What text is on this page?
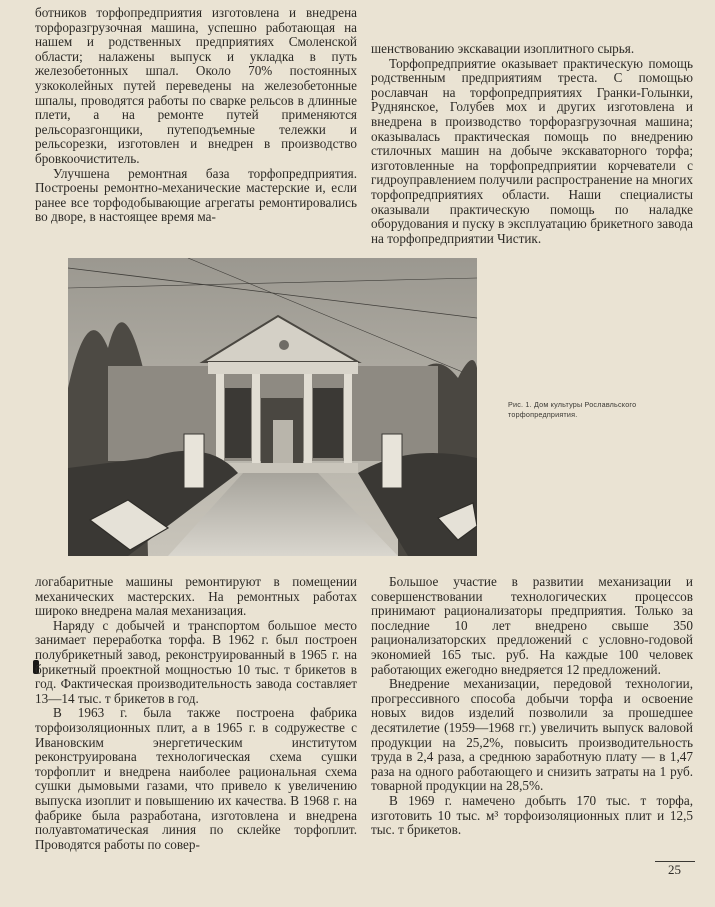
ботников торфопредприятия изготовлена и внедрена торфоразгрузочная машина, успешно работающая на нашем и родственных предприятиях Смоленской области; налажены выпуск и укладка в путь железобетонных шпал. Около 70% постоянных узкоколейных путей переведены на железобетонные шпалы, проводятся работы по сварке рельсов в длинные плети, а на ремонте путей применяются рельсоразгонщики, путеподъемные тележки и рельсорезки, изготовлен и внедрен в производство бровкоочиститель.

Улучшена ремонтная база торфопредприятия. Построены ремонтно-механические мастерские и, если ранее все торфодобывающие агрегаты ремонтировались во дворе, в настоящее время ма-

шенствованию экскавации изоплитного сырья.

Торфопредприятие оказывает практическую помощь родственным предприятиям треста. С помощью рославчан на торфопредприятиях Гранки-Голынки, Руднянское, Голубев мох и других изготовлена и внедрена в производство торфоразгрузочная машина; оказывалась практическая помощь по внедрению стилочных машин на добыче экскаваторного торфа; изготовленные на торфопредприятии корчеватели с гидроуправлением получили распространение на многих торфопредприятиях области. Наши специалисты оказывали практическую помощь по наладке оборудования и пуску в эксплуатацию брикетного завода на торфопредприятии Чистик.

Рис. 1. Дом культуры Рославльского торфопредприятия.

логабаритные машины ремонтируют в помещении механических мастерских. На ремонтных работах широко внедрена малая механизация.

Наряду с добычей и транспортом большое место занимает переработка торфа. В 1962 г. был построен полубрикетный завод, реконструированный в 1965 г. на брикетный проектной мощностью 10 тыс. т брикетов в год. Фактическая производительность завода составляет 13—14 тыс. т брикетов в год.

В 1963 г. была также построена фабрика торфоизоляционных плит, а в 1965 г. в содружестве с Ивановским энергетическим институтом реконструирована технологическая схема сушки торфоплит и внедрена наиболее рациональная схема сушки дымовыми газами, что привело к увеличению выпуска изоплит и повышению их качества. В 1968 г. на фабрике была разработана, изготовлена и внедрена полуавтоматическая линия по склейке торфоплит. Проводятся работы по совер-

Большое участие в развитии механизации и совершенствовании технологических процессов принимают рационализаторы предприятия. Только за последние 10 лет внедрено свыше 350 рационализаторских предложений с условно-годовой экономией 165 тыс. руб. На каждые 100 человек работающих ежегодно внедряется 12 предложений.

Внедрение механизации, передовой технологии, прогрессивного способа добычи торфа и освоение новых видов изделий позволили за прошедшее десятилетие (1959—1968 гг.) увеличить выпуск валовой продукции на 25,2%, повысить производительность труда в 2,4 раза, а среднюю заработную плату — в 1,47 раза на одного работающего и снизить затраты на 1 руб. товарной продукции на 28,5%.

В 1969 г. намечено добыть 170 тыс. т торфа, изготовить 10 тыс. м³ торфоизоляционных плит и 12,5 тыс. т брикетов.

25
